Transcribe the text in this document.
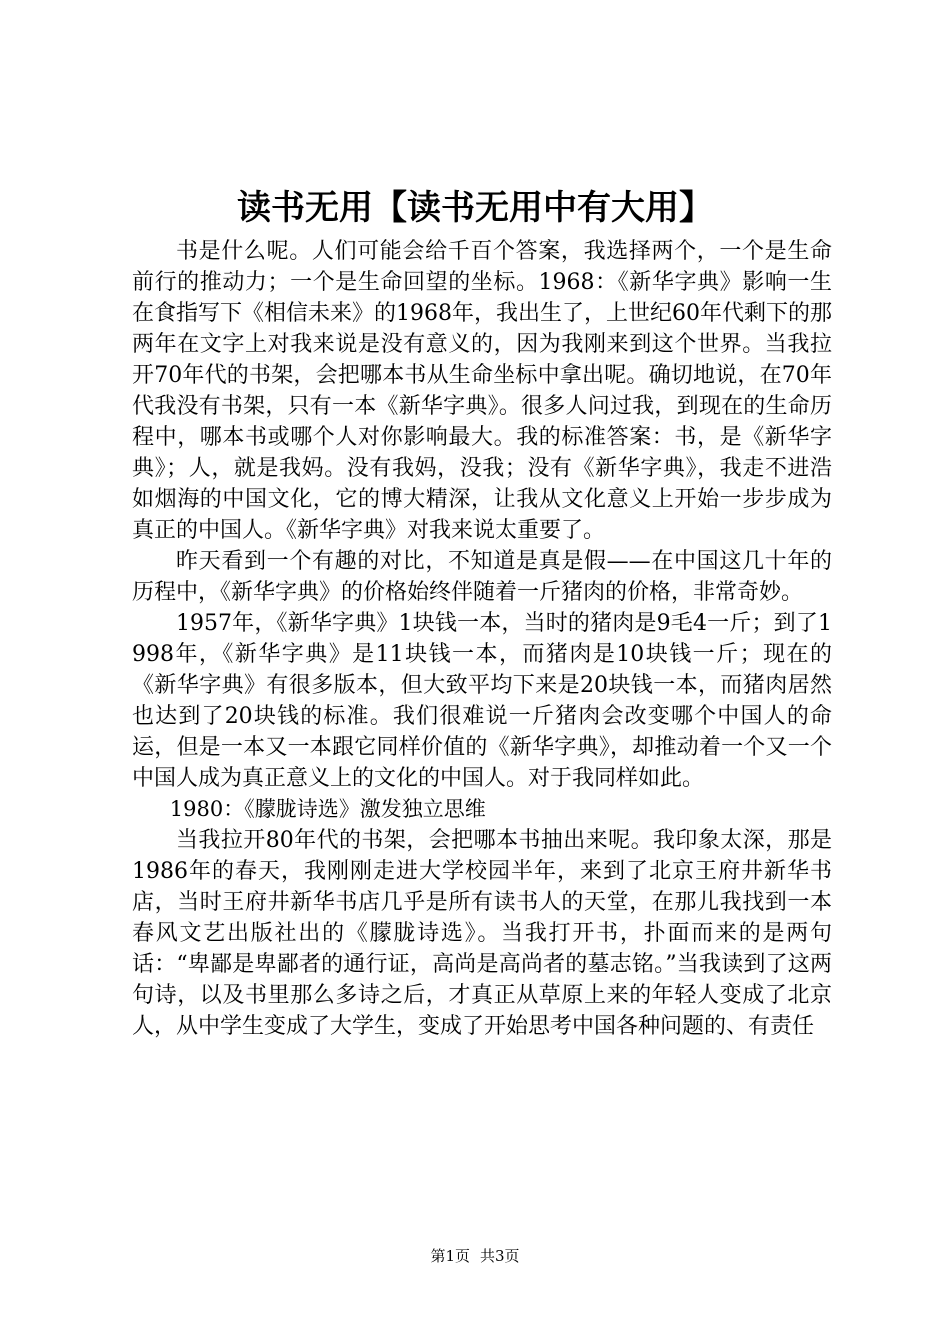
读书无用【读书无用中有大用】

书是什么呢。人们可能会给千百个答案，我选择两个，一个是生命前行的推动力；一个是生命回望的坐标。1968：《新华字典》影响一生在食指写下《相信未来》的1968年，我出生了，上世纪60年代剩下的那两年在文字上对我来说是没有意义的，因为我刚来到这个世界。当我拉开70年代的书架，会把哪本书从生命坐标中拿出呢。确切地说，在70年代我没有书架，只有一本《新华字典》。很多人问过我，到现在的生命历程中，哪本书或哪个人对你影响最大。我的标准答案：书，是《新华字典》；人，就是我妈。没有我妈，没我；没有《新华字典》，我走不进浩如烟海的中国文化，它的博大精深，让我从文化意义上开始一步步成为真正的中国人。《新华字典》对我来说太重要了。

昨天看到一个有趣的对比，不知道是真是假——在中国这几十年的历程中，《新华字典》的价格始终伴随着一斤猪肉的价格，非常奇妙。

1957年，《新华字典》1块钱一本，当时的猪肉是9毛4一斤；到了1998年，《新华字典》是11块钱一本，而猪肉是10块钱一斤；现在的《新华字典》有很多版本，但大致平均下来是20块钱一本，而猪肉居然也达到了20块钱的标准。我们很难说一斤猪肉会改变哪个中国人的命运，但是一本又一本跟它同样价值的《新华字典》，却推动着一个又一个中国人成为真正意义上的文化的中国人。对于我同样如此。

1980：《朦胧诗选》激发独立思维

当我拉开80年代的书架，会把哪本书抽出来呢。我印象太深，那是1986年的春天，我刚刚走进大学校园半年，来到了北京王府井新华书店，当时王府井新华书店几乎是所有读书人的天堂，在那儿我找到一本春风文艺出版社出的《朦胧诗选》。当我打开书，扑面而来的是两句话：“卑鄙是卑鄙者的通行证，高尚是高尚者的墓志铭。”当我读到了这两句诗，以及书里那么多诗之后，才真正从草原上来的年轻人变成了北京人，从中学生变成了大学生，变成了开始思考中国各种问题的、有责任

第1页 共3页
